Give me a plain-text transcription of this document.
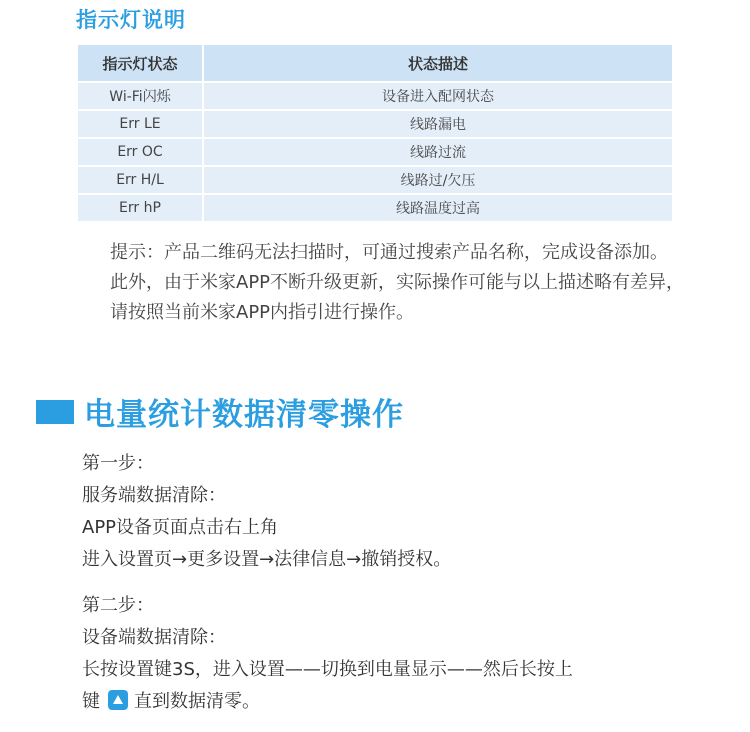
指示灯说明
指示灯状态	状态描述
Wi-Fi闪烁	设备进入配网状态
Err LE	线路漏电
Err OC	线路过流
Err H/L	线路过/欠压
Err hP	线路温度过高

提示：产品二维码无法扫描时，可通过搜索产品名称，完成设备添加。

此外，由于米家APP不断升级更新，实际操作可能与以上描述略有差异，请按照当前米家APP内指引进行操作。

电量统计数据清零操作
第一步：
服务端数据清除：
APP设备页面点击右上角
进入设置页→更多设置→法律信息→撤销授权。
第二步：
设备端数据清除：
长按设置键3S，进入设置——切换到电量显示——然后长按上
键 直到数据清零。
